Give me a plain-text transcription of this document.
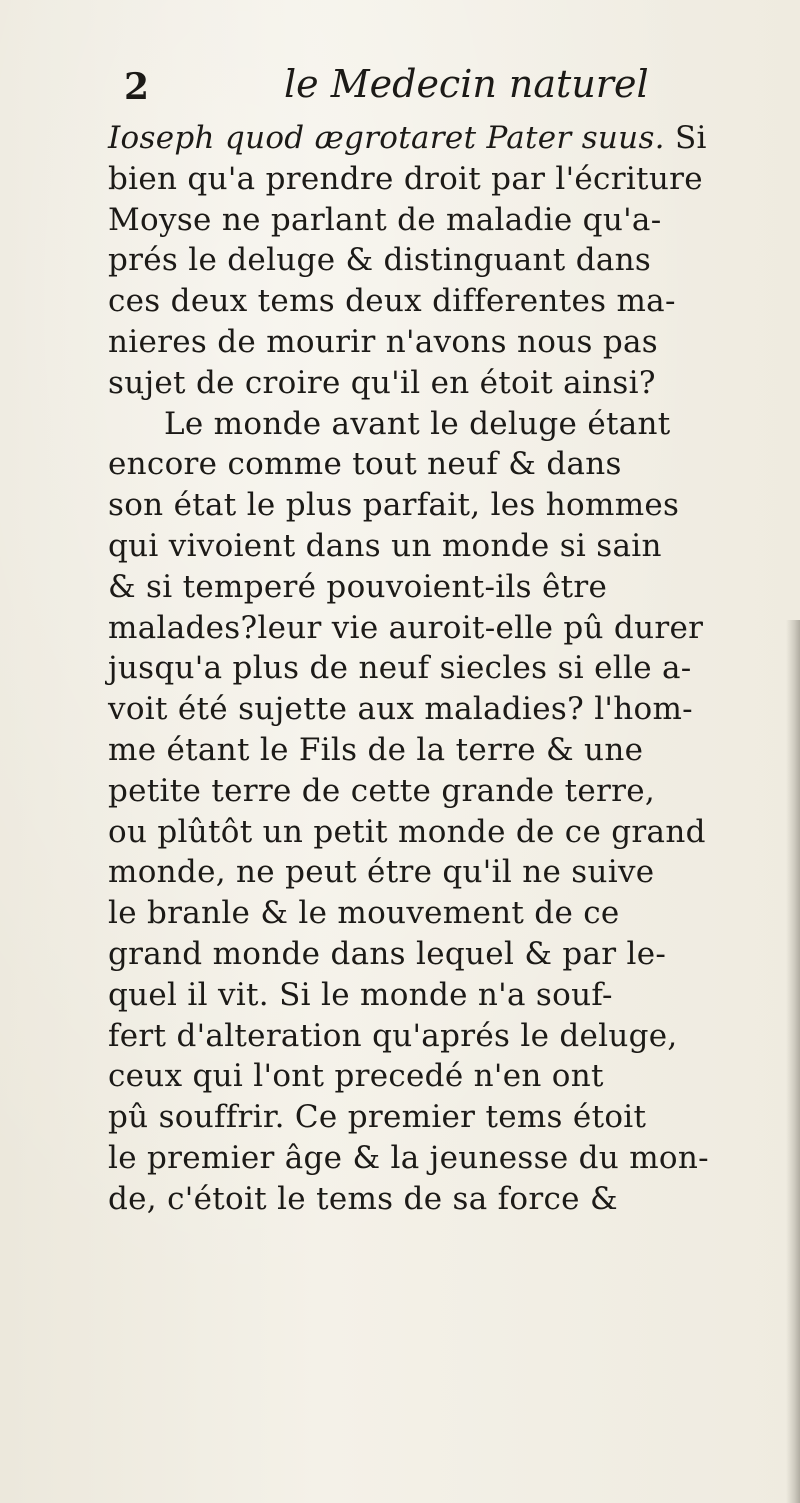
2	le Medecin naturel
Ioseph quod ægrotaret Pater suus. Si
bien qu'a prendre droit par l'écriture
Moyse ne parlant de maladie qu'a-
prés le deluge & distinguant dans
ces deux tems deux differentes ma-
nieres de mourir n'avons nous pas
sujet de croire qu'il en étoit ainsi?
Le monde avant le deluge étant
encore comme tout neuf & dans
son état le plus parfait, les hommes
qui vivoient dans un monde si sain
& si temperé pouvoient-ils être
malades?leur vie auroit-elle pû durer
jusqu'a plus de neuf siecles si elle a-
voit été sujette aux maladies? l'hom-
me étant le Fils de la terre & une
petite terre de cette grande terre,
ou plûtôt un petit monde de ce grand
monde, ne peut étre qu'il ne suive
le branle & le mouvement de ce
grand monde dans lequel & par le-
quel il vit. Si le monde n'a souf-
fert d'alteration qu'aprés le deluge,
ceux qui l'ont precedé n'en ont
pû souffrir. Ce premier tems étoit
le premier âge & la jeunesse du mon-
de, c'étoit le tems de sa force &
